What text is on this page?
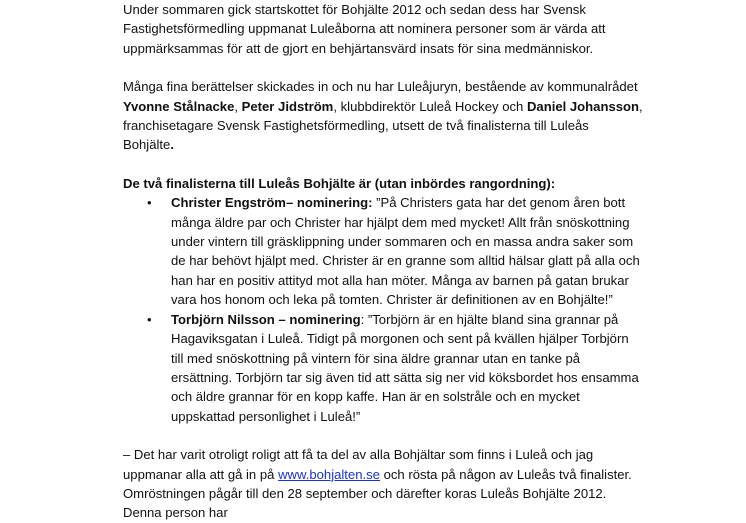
Under sommaren gick startskottet för Bohjälte 2012 och sedan dess har Svensk Fastighetsförmedling uppmanat Luleåborna att nominera personer som är värda att uppmärksammas för att de gjort en behjärtansvärd insats för sina medmänniskor.

Många fina berättelser skickades in och nu har Luleåjuryn, bestående av kommunalrådet Yvonne Stålnacke, Peter Jidström, klubbdirektör Luleå Hockey och Daniel Johansson, franchisetagare Svensk Fastighetsförmedling, utsett de två finalisterna till Luleås Bohjälte.

De två finalisterna till Luleås Bohjälte är (utan inbördes rangordning):

• Christer Engström– nominering: ”På Christers gata har det genom åren bott många äldre par och Christer har hjälpt dem med mycket! Allt från snöskottning under vintern till gräsklippning under sommaren och en massa andra saker som de har behövt hjälpt med. Christer är en granne som alltid hälsar glatt på alla och han har en positiv attityd mot alla han möter. Många av barnen på gatan brukar vara hos honom och leka på tomten. Christer är definitionen av en Bohjälte!”
• Torbjörn Nilsson – nominering: ”Torbjörn är en hjälte bland sina grannar på Hagaviksgatan i Luleå. Tidigt på morgonen och sent på kvällen hjälper Torbjörn till med snöskottning på vintern för sina äldre grannar utan en tanke på ersättning. Torbjörn tar sig även tid att sätta sig ner vid köksbordet hos ensamma och äldre grannar för en kopp kaffe. Han är en solstråle och en mycket uppskattad personlighet i Luleå!”

– Det har varit otroligt roligt att få ta del av alla Bohjältar som finns i Luleå och jag uppmanar alla att gå in på www.bohjalten.se och rösta på någon av Luleås två finalister. Omröstningen pågår till den 28 september och därefter koras Luleås Bohjälte 2012. Denna person har
